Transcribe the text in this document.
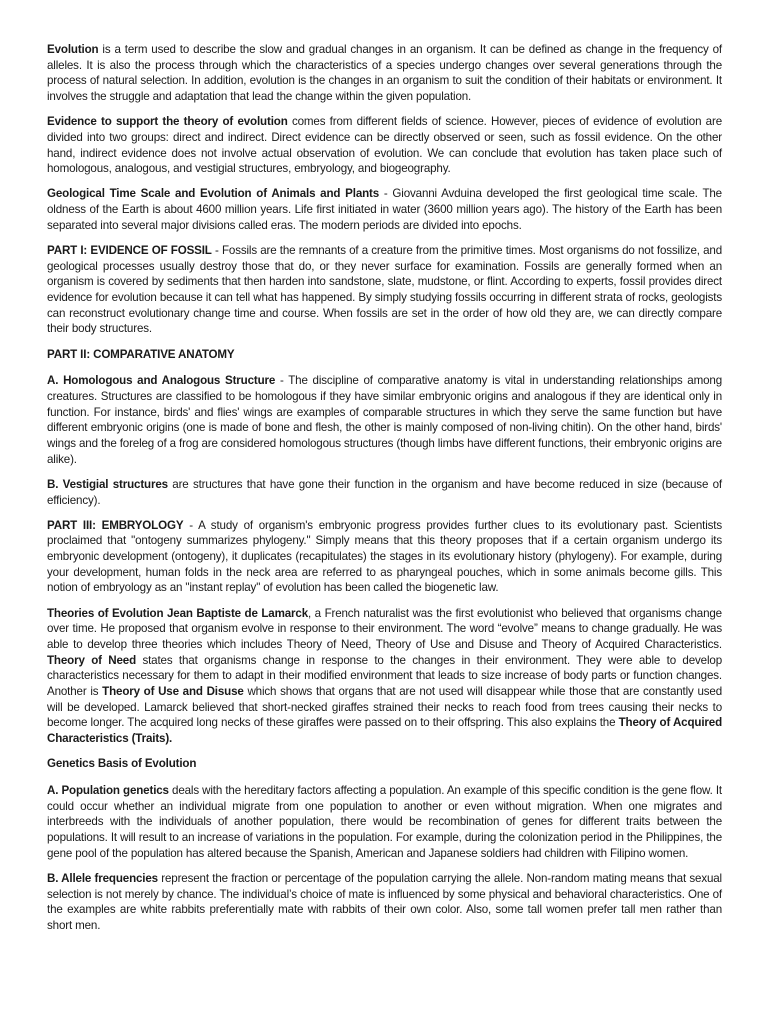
Evolution is a term used to describe the slow and gradual changes in an organism. It can be defined as change in the frequency of alleles. It is also the process through which the characteristics of a species undergo changes over several generations through the process of natural selection. In addition, evolution is the changes in an organism to suit the condition of their habitats or environment. It involves the struggle and adaptation that lead the change within the given population.

Evidence to support the theory of evolution comes from different fields of science. However, pieces of evidence of evolution are divided into two groups: direct and indirect. Direct evidence can be directly observed or seen, such as fossil evidence. On the other hand, indirect evidence does not involve actual observation of evolution. We can conclude that evolution has taken place such of homologous, analogous, and vestigial structures, embryology, and biogeography.

Geological Time Scale and Evolution of Animals and Plants - Giovanni Avduina developed the first geological time scale. The oldness of the Earth is about 4600 million years. Life first initiated in water (3600 million years ago). The history of the Earth has been separated into several major divisions called eras. The modern periods are divided into epochs.

PART I: EVIDENCE OF FOSSIL - Fossils are the remnants of a creature from the primitive times. Most organisms do not fossilize, and geological processes usually destroy those that do, or they never surface for examination. Fossils are generally formed when an organism is covered by sediments that then harden into sandstone, slate, mudstone, or flint. According to experts, fossil provides direct evidence for evolution because it can tell what has happened. By simply studying fossils occurring in different strata of rocks, geologists can reconstruct evolutionary change time and course. When fossils are set in the order of how old they are, we can directly compare their body structures.

PART II: COMPARATIVE ANATOMY

A. Homologous and Analogous Structure - The discipline of comparative anatomy is vital in understanding relationships among creatures. Structures are classified to be homologous if they have similar embryonic origins and analogous if they are identical only in function. For instance, birds' and flies' wings are examples of comparable structures in which they serve the same function but have different embryonic origins (one is made of bone and flesh, the other is mainly composed of non-living chitin). On the other hand, birds' wings and the foreleg of a frog are considered homologous structures (though limbs have different functions, their embryonic origins are alike).

B. Vestigial structures are structures that have gone their function in the organism and have become reduced in size (because of efficiency).

PART III: EMBRYOLOGY - A study of organism's embryonic progress provides further clues to its evolutionary past. Scientists proclaimed that "ontogeny summarizes phylogeny." Simply means that this theory proposes that if a certain organism undergo its embryonic development (ontogeny), it duplicates (recapitulates) the stages in its evolutionary history (phylogeny). For example, during your development, human folds in the neck area are referred to as pharyngeal pouches, which in some animals become gills. This notion of embryology as an "instant replay" of evolution has been called the biogenetic law.

Theories of Evolution Jean Baptiste de Lamarck, a French naturalist was the first evolutionist who believed that organisms change over time. He proposed that organism evolve in response to their environment. The word “evolve” means to change gradually. He was able to develop three theories which includes Theory of Need, Theory of Use and Disuse and Theory of Acquired Characteristics. Theory of Need states that organisms change in response to the changes in their environment. They were able to develop characteristics necessary for them to adapt in their modified environment that leads to size increase of body parts or function changes. Another is Theory of Use and Disuse which shows that organs that are not used will disappear while those that are constantly used will be developed. Lamarck believed that short-necked giraffes strained their necks to reach food from trees causing their necks to become longer. The acquired long necks of these giraffes were passed on to their offspring. This also explains the Theory of Acquired Characteristics (Traits).

Genetics Basis of Evolution

A. Population genetics deals with the hereditary factors affecting a population. An example of this specific condition is the gene flow. It could occur whether an individual migrate from one population to another or even without migration. When one migrates and interbreeds with the individuals of another population, there would be recombination of genes for different traits between the populations. It will result to an increase of variations in the population. For example, during the colonization period in the Philippines, the gene pool of the population has altered because the Spanish, American and Japanese soldiers had children with Filipino women.

B. Allele frequencies represent the fraction or percentage of the population carrying the allele. Non-random mating means that sexual selection is not merely by chance. The individual’s choice of mate is influenced by some physical and behavioral characteristics. One of the examples are white rabbits preferentially mate with rabbits of their own color. Also, some tall women prefer tall men rather than short men.
